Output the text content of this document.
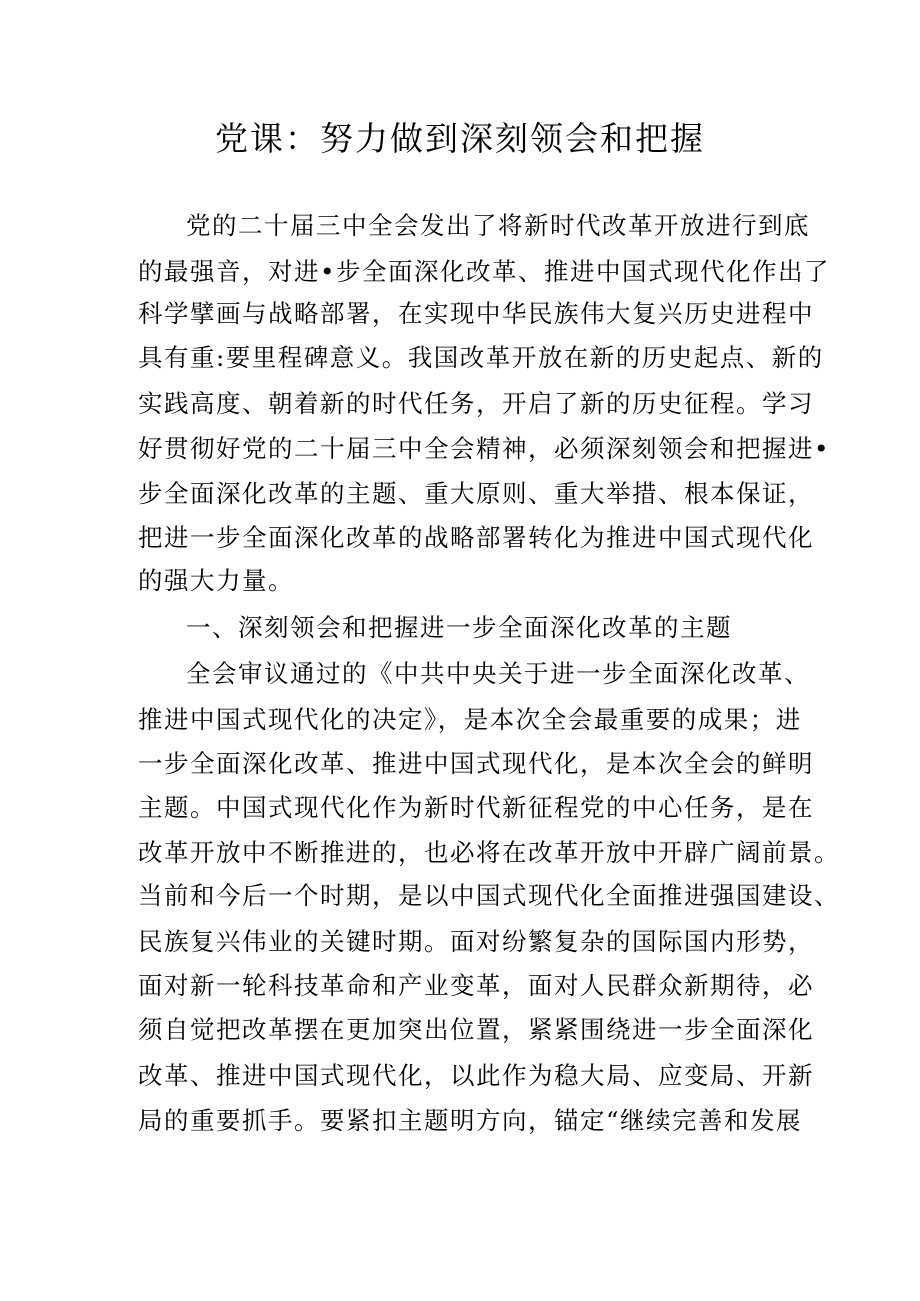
党课：努力做到深刻领会和把握

党的二十届三中全会发出了将新时代改革开放进行到底

的最强音，对进•步全面深化改革、推进中国式现代化作出了

科学擘画与战略部署，在实现中华民族伟大复兴历史进程中

具有重:要里程碑意义。我国改革开放在新的历史起点、新的

实践高度、朝着新的时代任务，开启了新的历史征程。学习

好贯彻好党的二十届三中全会精神，必须深刻领会和把握进•

步全面深化改革的主题、重大原则、重大举措、根本保证，

把进一步全面深化改革的战略部署转化为推进中国式现代化

的强大力量。

一、深刻领会和把握进一步全面深化改革的主题

全会审议通过的《中共中央关于进一步全面深化改革、

推进中国式现代化的决定》，是本次全会最重要的成果；进

一步全面深化改革、推进中国式现代化，是本次全会的鲜明

主题。中国式现代化作为新时代新征程党的中心任务，是在

改革开放中不断推进的，也必将在改革开放中开辟广阔前景。

当前和今后一个时期，是以中国式现代化全面推进强国建设、

民族复兴伟业的关键时期。面对纷繁复杂的国际国内形势，

面对新一轮科技革命和产业变革，面对人民群众新期待，必

须自觉把改革摆在更加突出位置，紧紧围绕进一步全面深化

改革、推进中国式现代化，以此作为稳大局、应变局、开新

局的重要抓手。要紧扣主题明方向，锚定“继续完善和发展
